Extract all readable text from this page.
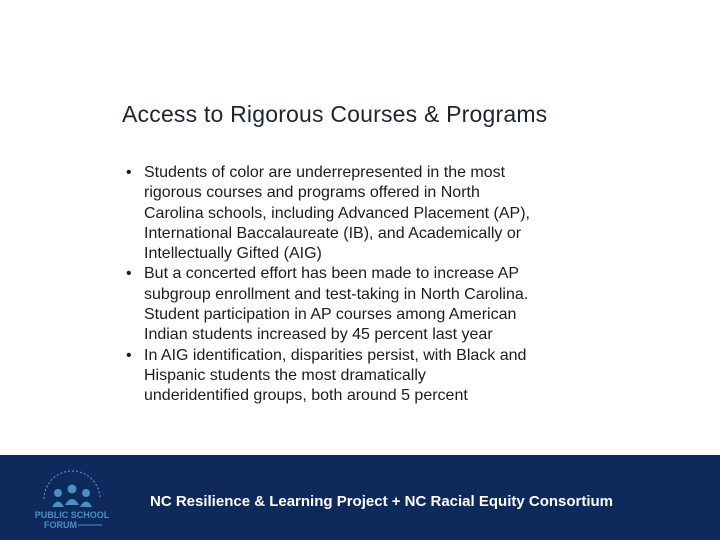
Access to Rigorous Courses & Programs
• Students of color are underrepresented in the most
rigorous courses and programs offered in North
Carolina schools, including Advanced Placement (AP),
International Baccalaureate (IB), and Academically or
Intellectually Gifted (AIG)
• But a concerted effort has been made to increase AP
subgroup enrollment and test-taking in North Carolina.
Student participation in AP courses among American
Indian students increased by 45 percent last year
• In AIG identification, disparities persist, with Black and
Hispanic students the most dramatically
underidentified groups, both around 5 percent
PUBLIC SCHOOL
FORUM
NC Resilience & Learning Project + NC Racial Equity Consortium
